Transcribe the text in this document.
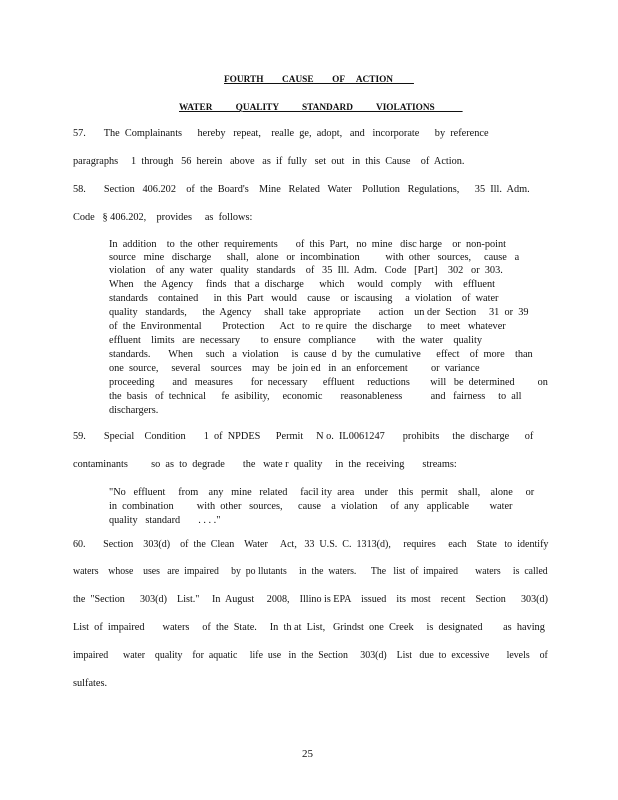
FOURTH        CAUSE        OF     ACTION
WATER          QUALITY          STANDARD          VIOLATIONS
57.       The  Complainants      hereby   repeat,    realle  ge,  adopt,   and   incorporate      by  reference
paragraphs     1  through   56  herein   above   as  if  fully   set  out   in  this  Cause    of  Action.
58.       Section   406.202    of  the  Board's    Mine   Related   Water    Pollution   Regulations,      35  Ill.  Adm.
Code   § 406.202,    provides     as  follows:
In  addition    to  the  other  requirements       of  this  Part,   no  mine   disc harge    or  non-point
source   mine   discharge      shall,   alone   or  incombination          with  other   sources,     cause   a
violation    of  any  water   quality   standards    of   35  Ill.  Adm.   Code   [Part]    302   or  303.
When    the  Agency     finds   that  a  discharge      which     would   comply     with    effluent
standards    contained      in  this  Part   would    cause    or  iscausing     a  violation    of  water
quality   standards,      the  Agency     shall  take   appropriate       action    un der  Section     31  or  39
of  the  Environmental        Protection      Act   to  re quire   the  discharge      to  meet   whatever
effluent    limits   are  necessary        to  ensure   compliance        with   the  water    quality
standards.       When     such   a  violation     is  cause  d  by  the  cumulative      effect    of  more    than
one  source,     several    sources    may   be  join ed   in  an  enforcement         or  variance
proceeding       and   measures       for  necessary      effluent     reductions        will   be  determined         on
the  basis   of  technical      fe  asibility,     economic       reasonableness           and   fairness     to  all
dischargers.
59.       Special    Condition       1  of  NPDES      Permit     N o.  IL0061247       prohibits     the  discharge      of
contaminants         so  as  to  degrade       the   wate r  quality     in  the  receiving       streams:
"No   effluent     from    any   mine   related     facil ity  area    under    this   permit    shall,    alone     or
in  combination         with  other   sources,      cause    a  violation     of  any   applicable        water
quality   standard       . . . ."
60.       Section    303(d)    of  the  Clean    Water     Act,   33  U.S.  C.  1313(d),     requires     each    State   to  identify
waters    whose    uses   are  impaired     by  po llutants     in  the  waters.      The   list  of  impaired       waters     is  called
the  "Section      303(d)    List."     In  August     2008,    Illino is EPA    issued    its  most    recent    Section      303(d)
List  of  impaired       waters     of  the  State.     In  th at  List,   Grindst  one  Creek     is  designated        as  having
impaired      water    quality    for  aquatic     life  use   in  the  Section     303(d)    List   due  to  excessive       levels    of
sulfates.
25
